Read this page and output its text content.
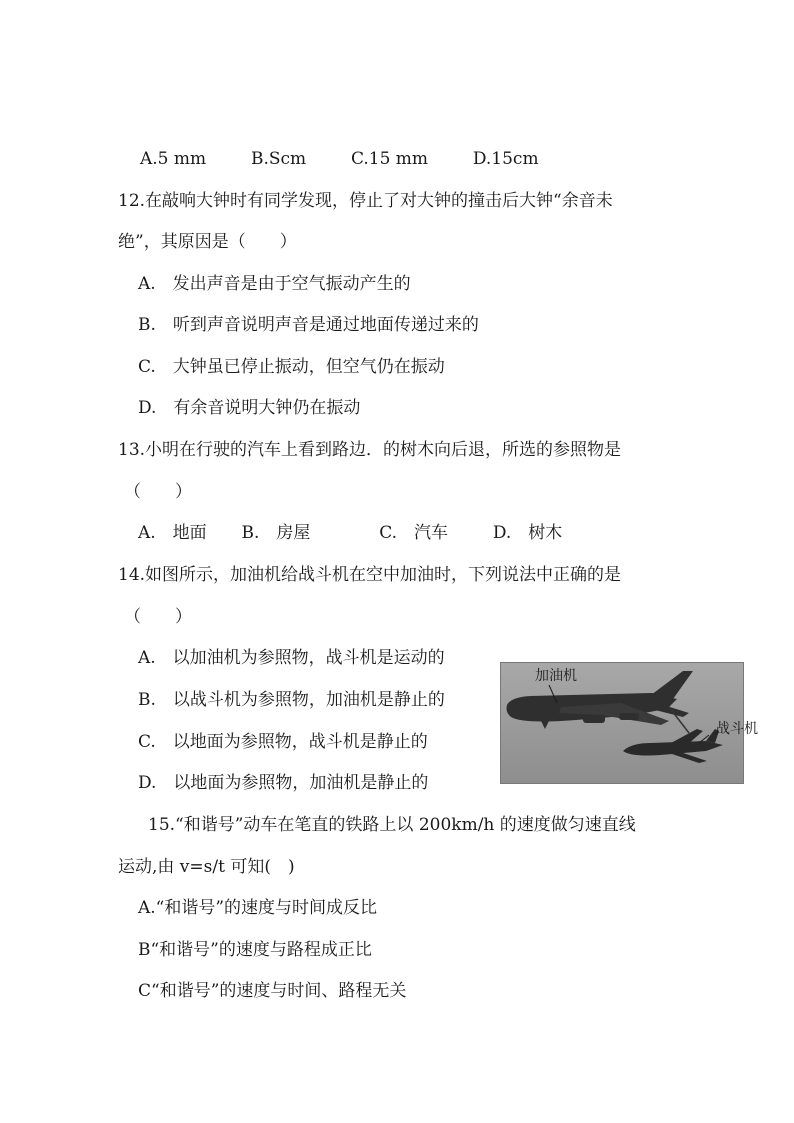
A.5 mm	B.Scm	C.15 mm	D.15cm
12.在敲响大钟时有同学发现，停止了对大钟的撞击后大钟“余音未
绝”，其原因是（　　）
A.　发出声音是由于空气振动产生的
B.　听到声音说明声音是通过地面传递过来的
C.　大钟虽已停止振动，但空气仍在振动
D.　有余音说明大钟仍在振动
13.小明在行驶的汽车上看到路边．的树木向后退，所选的参照物是
（　　）
A.　地面 B.　房屋	C.　汽车	D.　树木
14.如图所示，加油机给战斗机在空中加油时，下列说法中正确的是
（　　）
A.　以加油机为参照物，战斗机是运动的
B.　以战斗机为参照物，加油机是静止的
C.　以地面为参照物，战斗机是静止的
D.　以地面为参照物，加油机是静止的
加油机
战斗机
15.“和谐号”动车在笔直的铁路上以 200km/h 的速度做匀速直线
运动,由 v=s/t 可知(　)
A.“和谐号”的速度与时间成反比
B“和谐号”的速度与路程成正比
C“和谐号”的速度与时间、路程无关
